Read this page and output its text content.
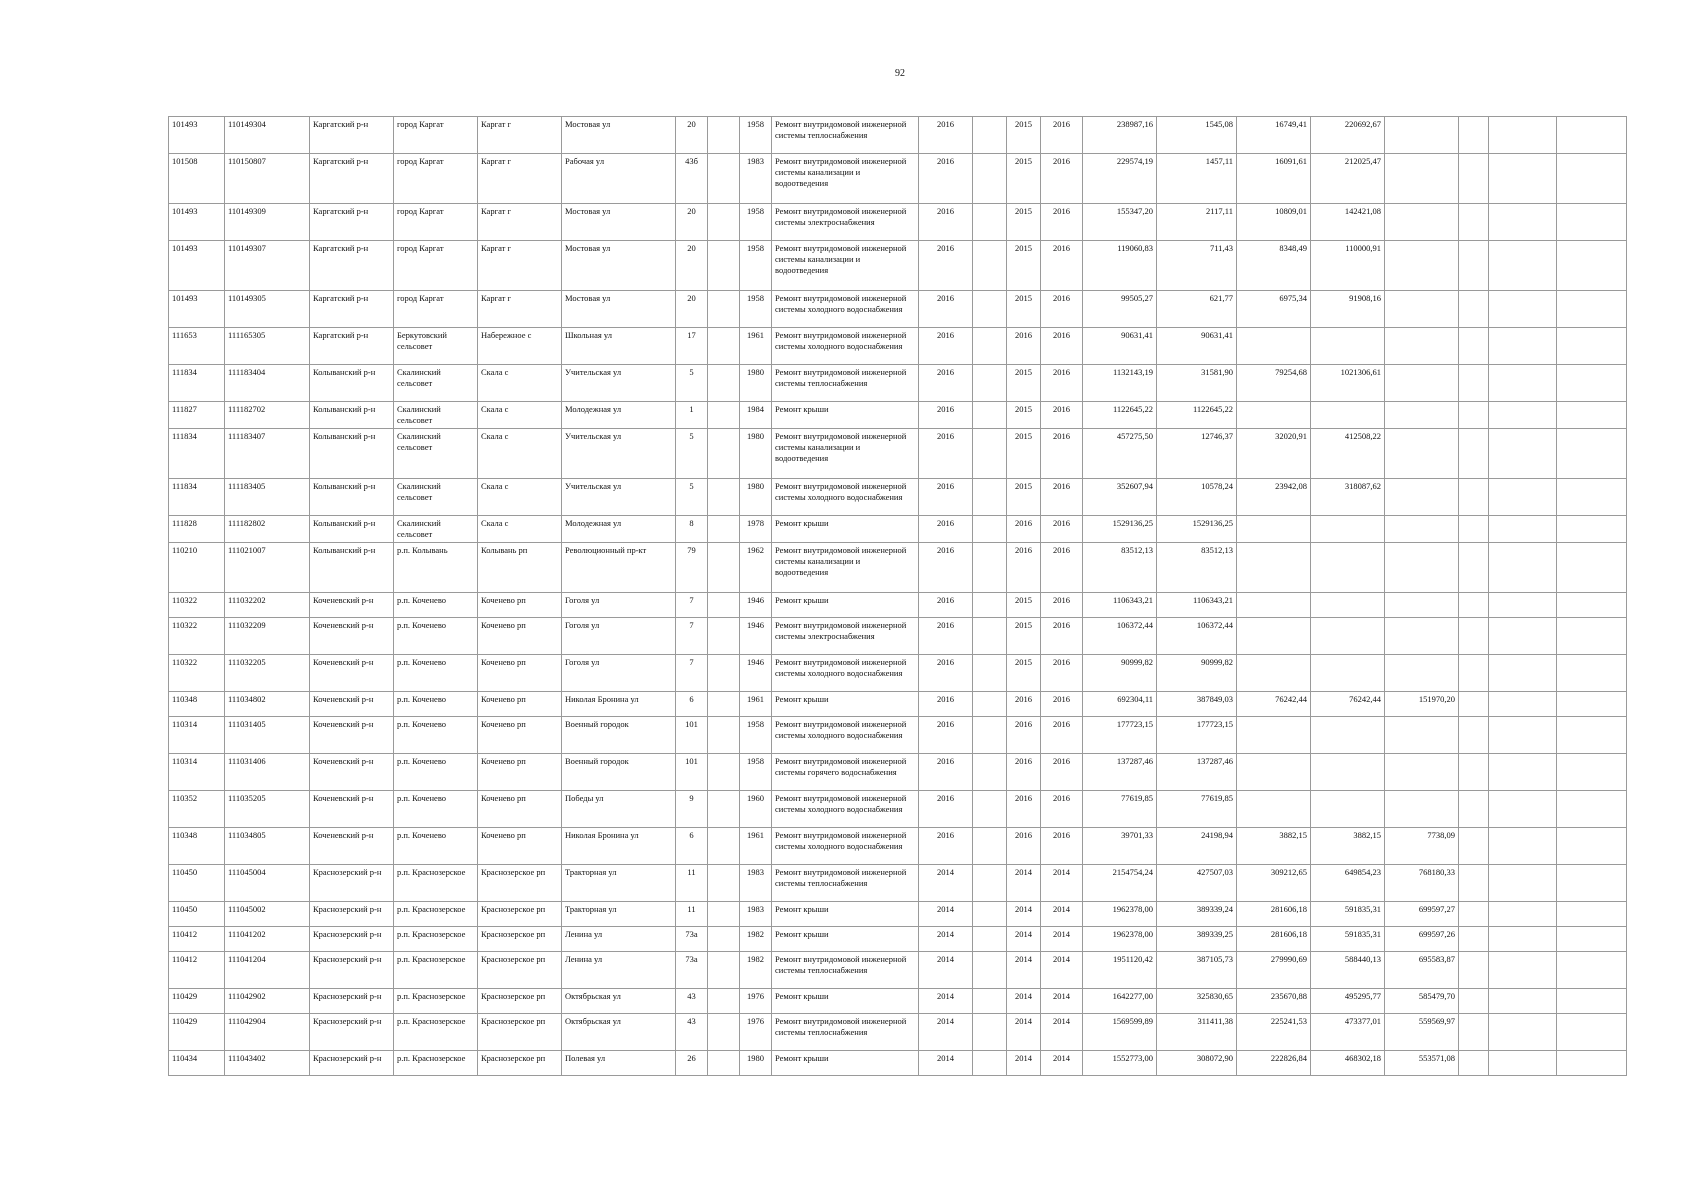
92
101493	110149304	Каргатский р-н	город Каргат	Каргат г	Мостовая ул	20		1958	Ремонт внутридомовой инженерной системы теплоснабжения	2016		2015	2016	238987,16	1545,08	16749,41	220692,67				
101508	110150807	Каргатский р-н	город Каргат	Каргат г	Рабочая ул	43б		1983	Ремонт внутридомовой инженерной системы канализации и водоотведения	2016		2015	2016	229574,19	1457,11	16091,61	212025,47				
101493	110149309	Каргатский р-н	город Каргат	Каргат г	Мостовая ул	20		1958	Ремонт внутридомовой инженерной системы электроснабжения	2016		2015	2016	155347,20	2117,11	10809,01	142421,08				
101493	110149307	Каргатский р-н	город Каргат	Каргат г	Мостовая ул	20		1958	Ремонт внутридомовой инженерной системы канализации и водоотведения	2016		2015	2016	119060,83	711,43	8348,49	110000,91				
101493	110149305	Каргатский р-н	город Каргат	Каргат г	Мостовая ул	20		1958	Ремонт внутридомовой инженерной системы холодного водоснабжения	2016		2015	2016	99505,27	621,77	6975,34	91908,16				
111653	111165305	Каргатский р-н	Беркутовский сельсовет	Набережное с	Школьная ул	17		1961	Ремонт внутридомовой инженерной системы холодного водоснабжения	2016		2016	2016	90631,41	90631,41						
111834	111183404	Колыванский р-н	Скалинский сельсовет	Скала с	Учительская ул	5		1980	Ремонт внутридомовой инженерной системы теплоснабжения	2016		2015	2016	1132143,19	31581,90	79254,68	1021306,61				
111827	111182702	Колыванский р-н	Скалинский сельсовет	Скала с	Молодежная ул	1		1984	Ремонт крыши	2016		2015	2016	1122645,22	1122645,22						
111834	111183407	Колыванский р-н	Скалинский сельсовет	Скала с	Учительская ул	5		1980	Ремонт внутридомовой инженерной системы канализации и водоотведения	2016		2015	2016	457275,50	12746,37	32020,91	412508,22				
111834	111183405	Колыванский р-н	Скалинский сельсовет	Скала с	Учительская ул	5		1980	Ремонт внутридомовой инженерной системы холодного водоснабжения	2016		2015	2016	352607,94	10578,24	23942,08	318087,62				
111828	111182802	Колыванский р-н	Скалинский сельсовет	Скала с	Молодежная ул	8		1978	Ремонт крыши	2016		2016	2016	1529136,25	1529136,25						
110210	111021007	Колыванский р-н	р.п. Колывань	Колывань рп	Революционный пр-кт	79		1962	Ремонт внутридомовой инженерной системы канализации и водоотведения	2016		2016	2016	83512,13	83512,13						
110322	111032202	Коченевский р-н	р.п. Коченево	Коченево рп	Гоголя ул	7		1946	Ремонт крыши	2016		2015	2016	1106343,21	1106343,21						
110322	111032209	Коченевский р-н	р.п. Коченево	Коченево рп	Гоголя ул	7		1946	Ремонт внутридомовой инженерной системы электроснабжения	2016		2015	2016	106372,44	106372,44						
110322	111032205	Коченевский р-н	р.п. Коченево	Коченево рп	Гоголя ул	7		1946	Ремонт внутридомовой инженерной системы холодного водоснабжения	2016		2015	2016	90999,82	90999,82						
110348	111034802	Коченевский р-н	р.п. Коченево	Коченево рп	Николая Бронина ул	6		1961	Ремонт крыши	2016		2016	2016	692304,11	387849,03	76242,44	76242,44	151970,20			
110314	111031405	Коченевский р-н	р.п. Коченево	Коченево рп	Военный городок	101		1958	Ремонт внутридомовой инженерной системы холодного водоснабжения	2016		2016	2016	177723,15	177723,15						
110314	111031406	Коченевский р-н	р.п. Коченево	Коченево рп	Военный городок	101		1958	Ремонт внутридомовой инженерной системы горячего водоснабжения	2016		2016	2016	137287,46	137287,46						
110352	111035205	Коченевский р-н	р.п. Коченево	Коченево рп	Победы ул	9		1960	Ремонт внутридомовой инженерной системы холодного водоснабжения	2016		2016	2016	77619,85	77619,85						
110348	111034805	Коченевский р-н	р.п. Коченево	Коченево рп	Николая Бронина ул	6		1961	Ремонт внутридомовой инженерной системы холодного водоснабжения	2016		2016	2016	39701,33	24198,94	3882,15	3882,15	7738,09			
110450	111045004	Краснозерский р-н	р.п. Краснозерское	Краснозерское рп	Тракторная ул	11		1983	Ремонт внутридомовой инженерной системы теплоснабжения	2014		2014	2014	2154754,24	427507,03	309212,65	649854,23	768180,33			
110450	111045002	Краснозерский р-н	р.п. Краснозерское	Краснозерское рп	Тракторная ул	11		1983	Ремонт крыши	2014		2014	2014	1962378,00	389339,24	281606,18	591835,31	699597,27			
110412	111041202	Краснозерский р-н	р.п. Краснозерское	Краснозерское рп	Ленина ул	73а		1982	Ремонт крыши	2014		2014	2014	1962378,00	389339,25	281606,18	591835,31	699597,26			
110412	111041204	Краснозерский р-н	р.п. Краснозерское	Краснозерское рп	Ленина ул	73а		1982	Ремонт внутридомовой инженерной системы теплоснабжения	2014		2014	2014	1951120,42	387105,73	279990,69	588440,13	695583,87			
110429	111042902	Краснозерский р-н	р.п. Краснозерское	Краснозерское рп	Октябрьская ул	43		1976	Ремонт крыши	2014		2014	2014	1642277,00	325830,65	235670,88	495295,77	585479,70			
110429	111042904	Краснозерский р-н	р.п. Краснозерское	Краснозерское рп	Октябрьская ул	43		1976	Ремонт внутридомовой инженерной системы теплоснабжения	2014		2014	2014	1569599,89	311411,38	225241,53	473377,01	559569,97			
110434	111043402	Краснозерский р-н	р.п. Краснозерское	Краснозерское рп	Полевая ул	26		1980	Ремонт крыши	2014		2014	2014	1552773,00	308072,90	222826,84	468302,18	553571,08			
